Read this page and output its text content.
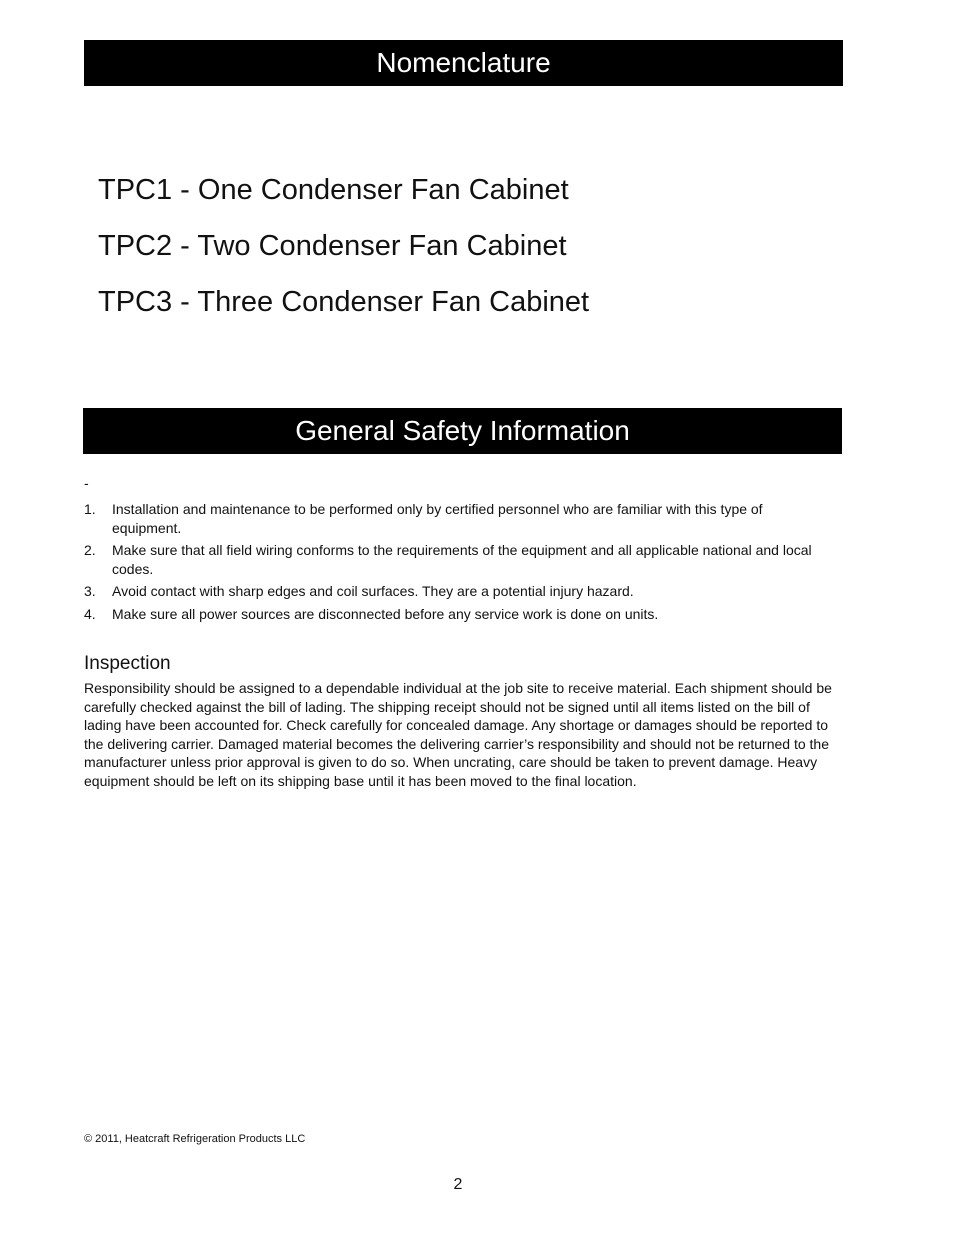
Nomenclature
TPC1 - One Condenser Fan Cabinet
TPC2 - Two Condenser Fan Cabinet
TPC3 - Three Condenser Fan Cabinet
General Safety Information
-
1. Installation and maintenance to be performed only by certified personnel who are familiar with this type of equipment.
2. Make sure that all field wiring conforms to the requirements of the equipment and all applicable national and local codes.
3. Avoid contact with sharp edges and coil surfaces. They are a potential injury hazard.
4. Make sure all power sources are disconnected before any service work is done on units.
Inspection

Responsibility should be assigned to a dependable individual at the job site to receive material. Each shipment should be carefully checked against the bill of lading. The shipping receipt should not be signed until all items listed on the bill of lading have been accounted for. Check carefully for concealed damage. Any shortage or damages should be reported to the delivering carrier. Damaged material becomes the delivering carrier’s responsibility and should not be returned to the manufacturer unless prior approval is given to do so. When uncrating, care should be taken to prevent damage. Heavy equipment should be left on its shipping base until it has been moved to the final location.

© 2011, Heatcraft Refrigeration Products LLC
2
